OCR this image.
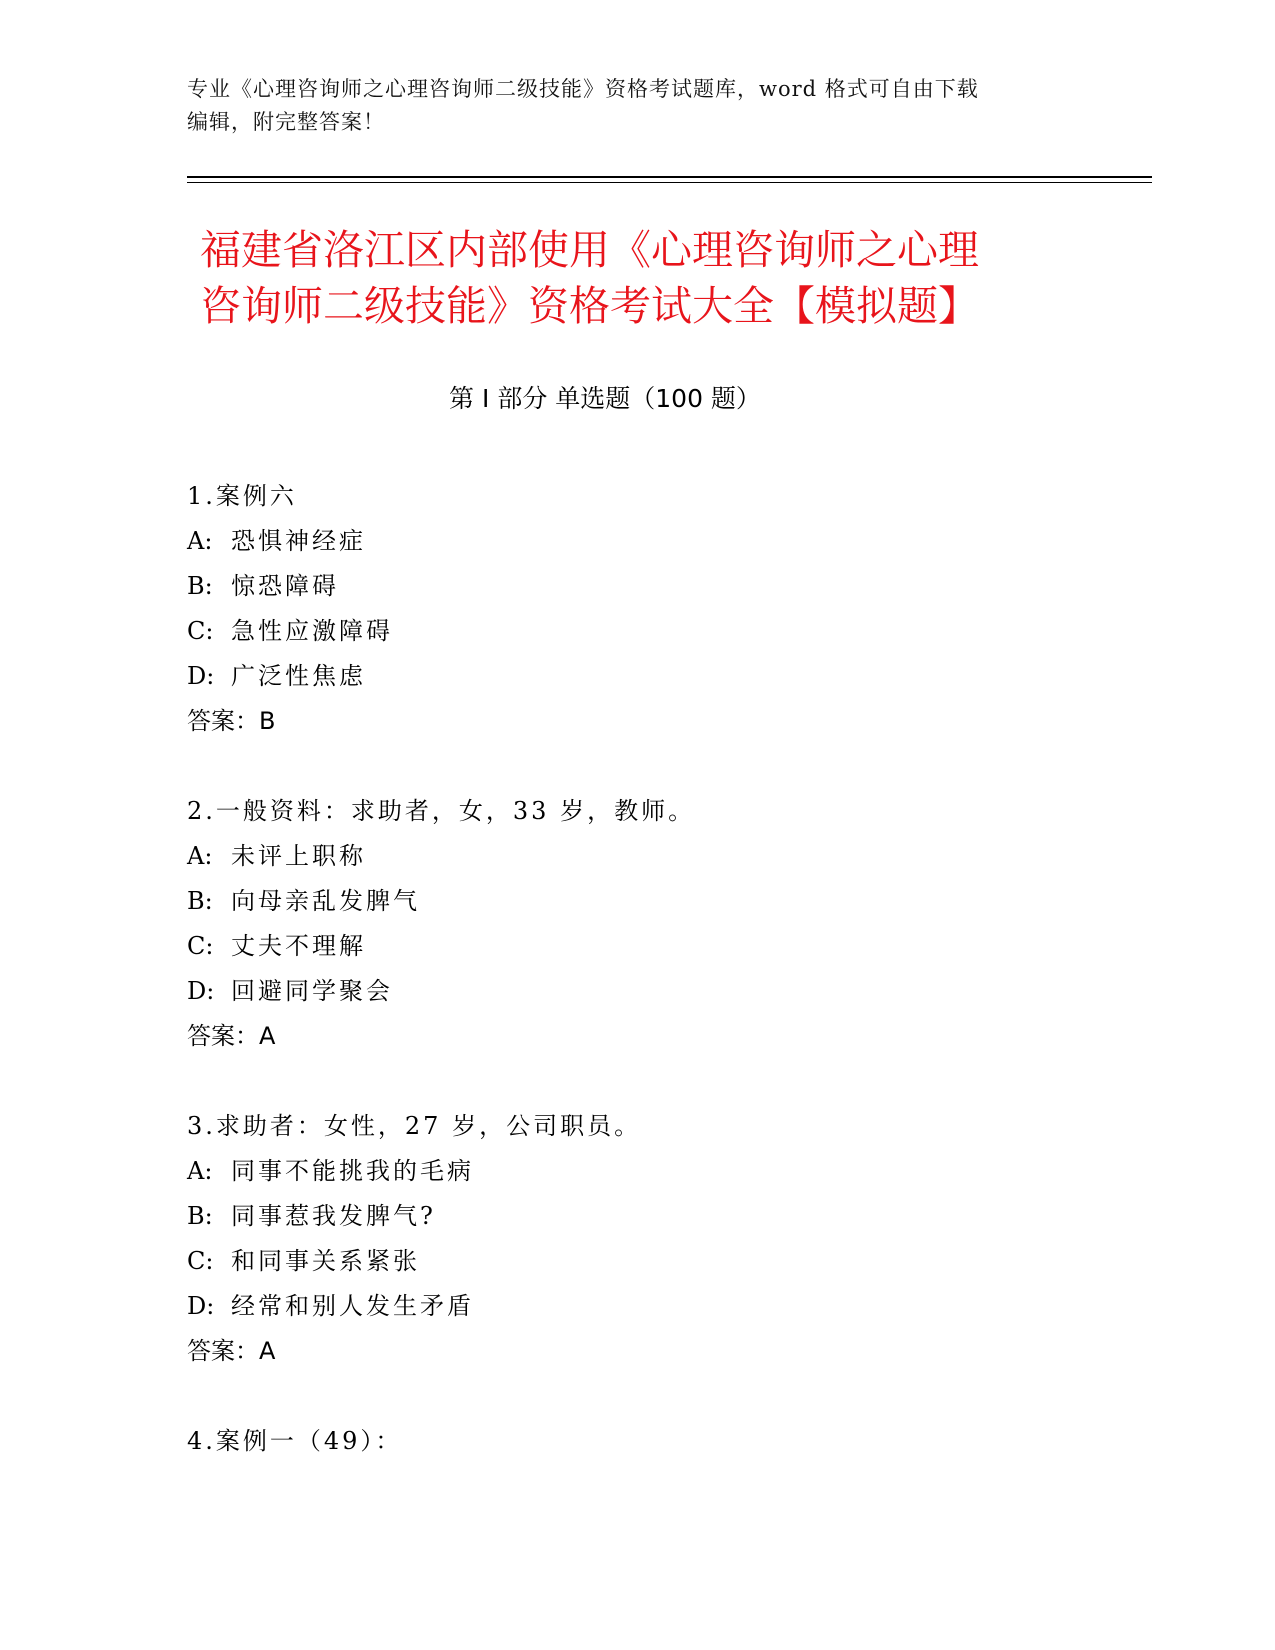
专业《心理咨询师之心理咨询师二级技能》资格考试题库，word 格式可自由下载
编辑，附完整答案！
福建省洛江区内部使用《心理咨询师之心理
咨询师二级技能》资格考试大全【模拟题】
第 I 部分 单选题（100 题）
1.案例六
A: 恐惧神经症
B: 惊恐障碍
C: 急性应激障碍
D: 广泛性焦虑
答案：B
2.一般资料：求助者，女，33 岁，教师。
A: 未评上职称
B: 向母亲乱发脾气
C: 丈夫不理解
D: 回避同学聚会
答案：A
3.求助者：女性，27 岁，公司职员。
A: 同事不能挑我的毛病
B: 同事惹我发脾气?
C: 和同事关系紧张
D: 经常和别人发生矛盾
答案：A
4.案例一（49）：
